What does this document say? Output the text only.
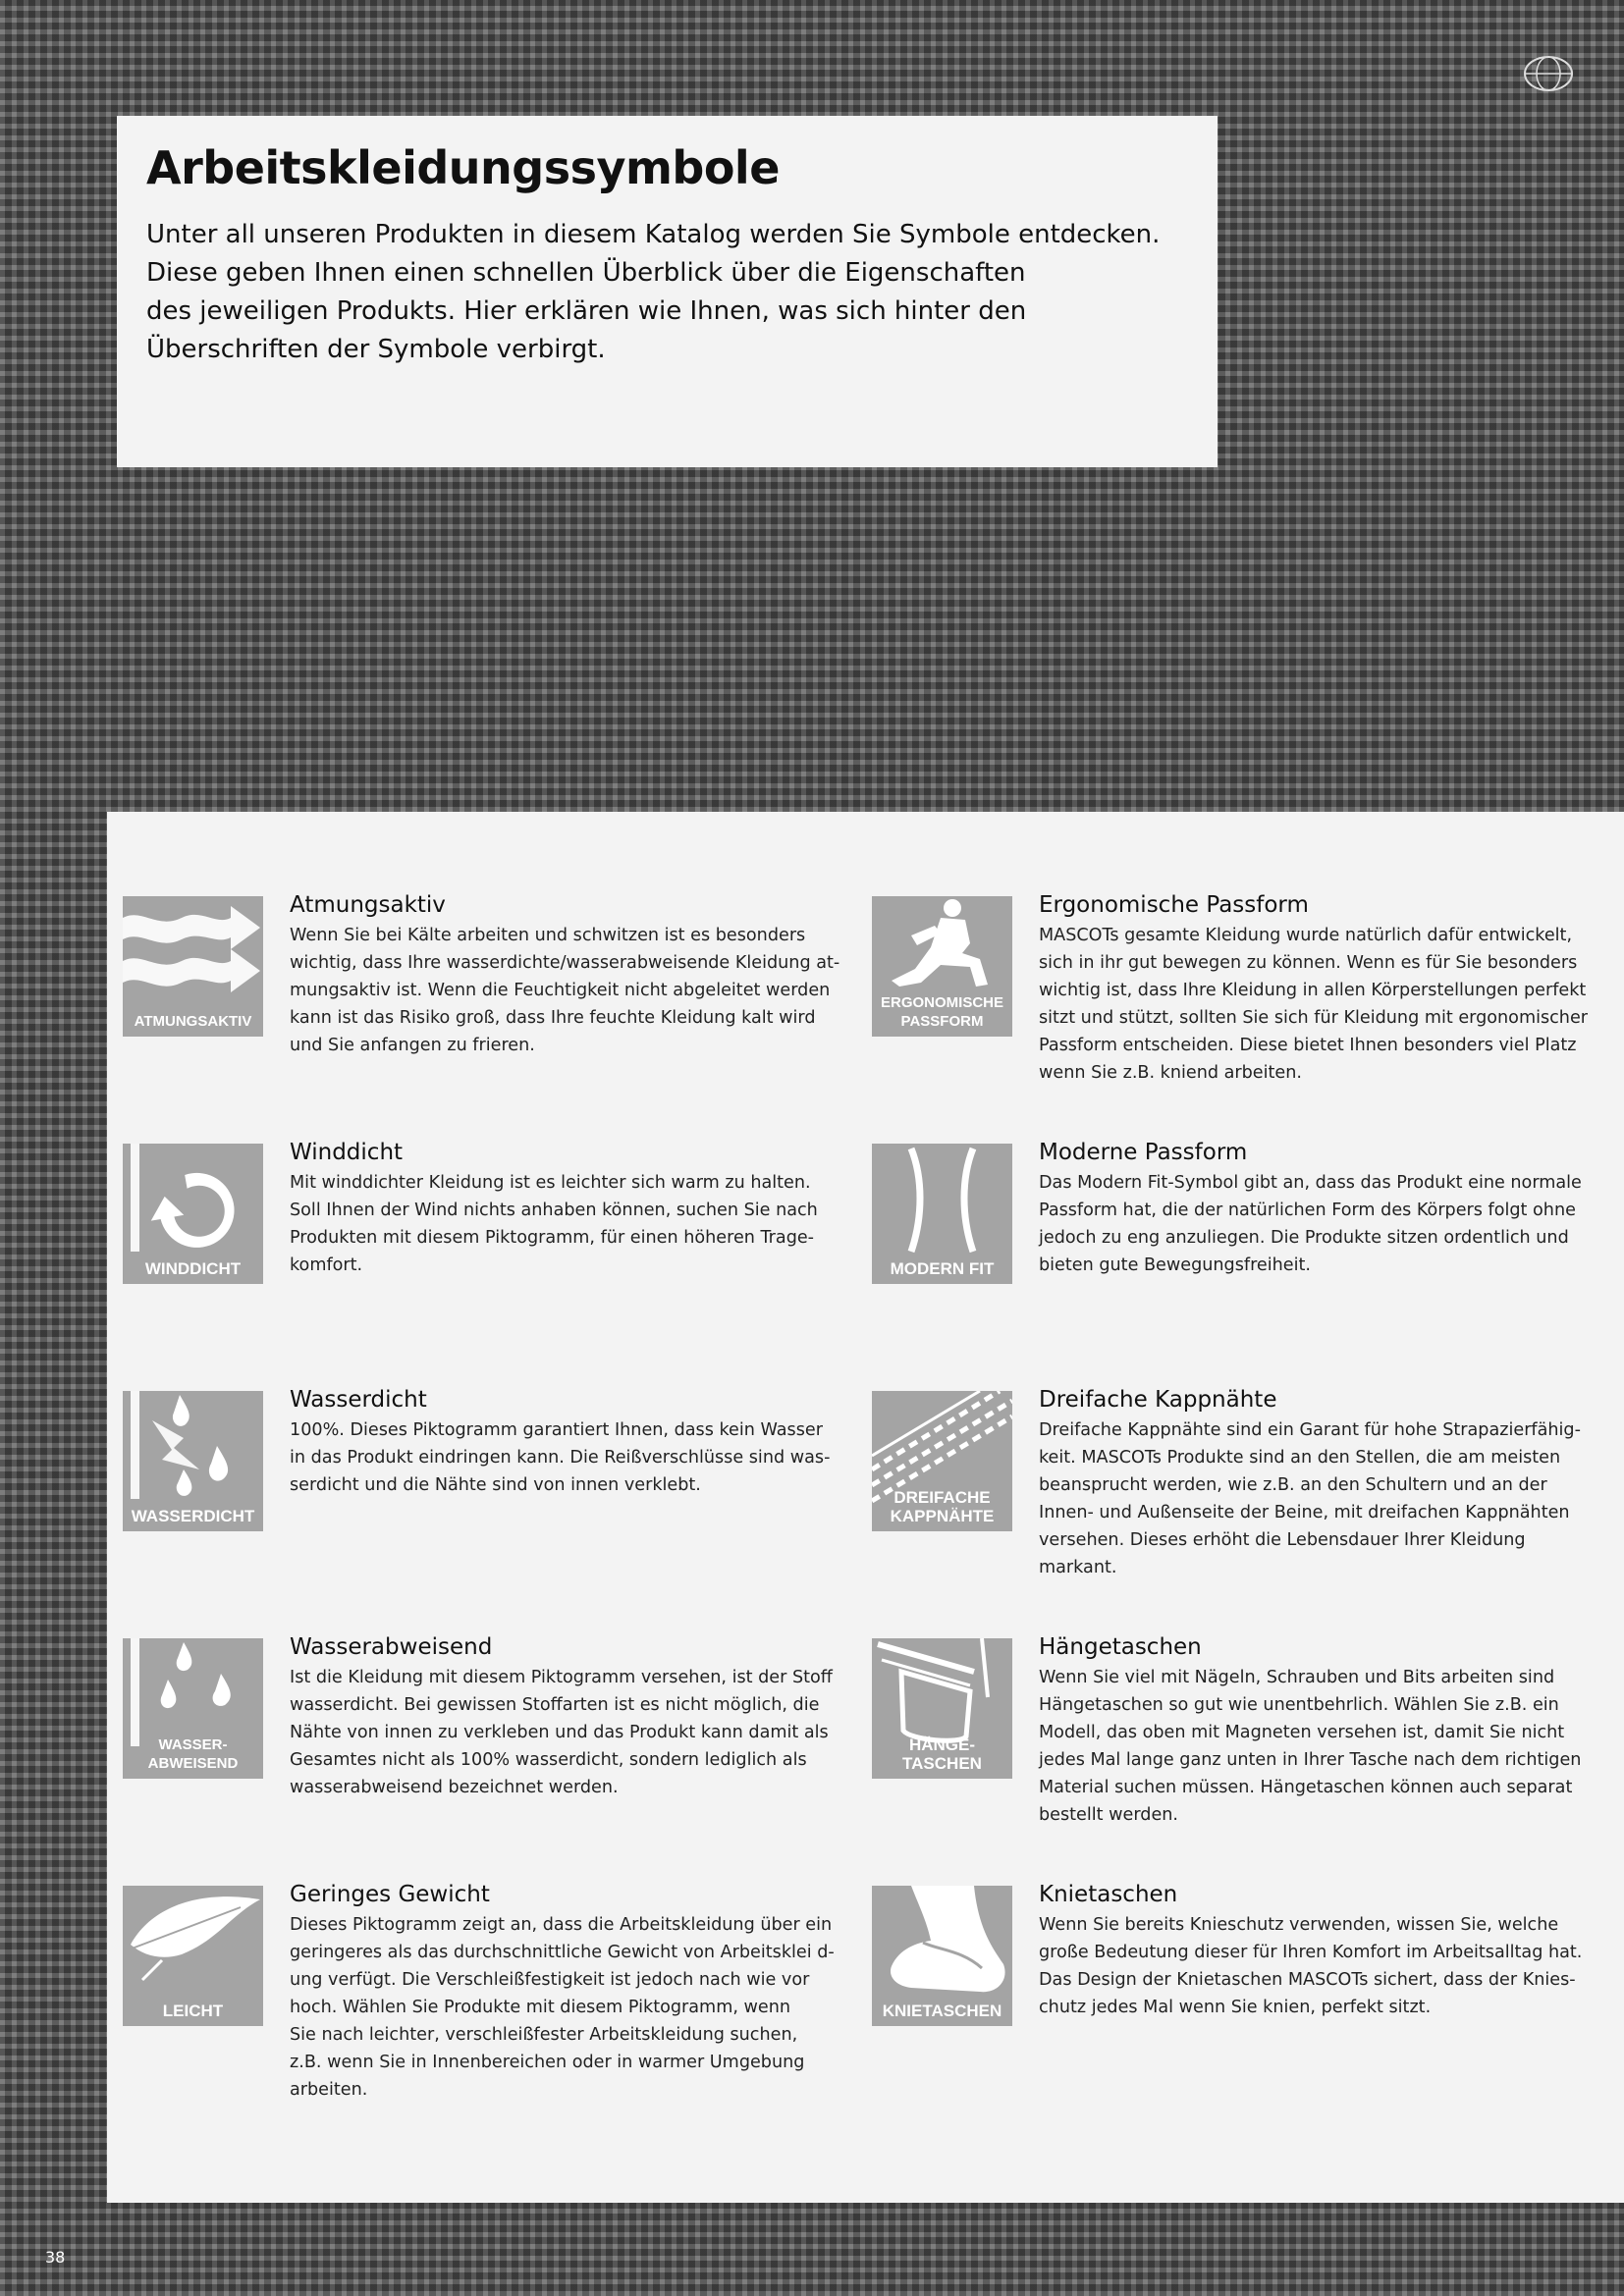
Arbeitskleidungssymbole
Unter all unseren Produkten in diesem Katalog werden Sie Symbole entdecken.
Diese geben Ihnen einen schnellen Überblick über die Eigenschaften
des jeweiligen Produkts. Hier erklären wie Ihnen, was sich hinter den
Überschriften der Symbole verbirgt.
ATMUNGSAKTIV
Atmungsaktiv
Wenn Sie bei Kälte arbeiten und schwitzen ist es besonders
wichtig, dass Ihre wasserdichte/wasserabweisende Kleidung at-
mungsaktiv ist. Wenn die Feuchtigkeit nicht abgeleitet werden
kann ist das Risiko groß, dass Ihre feuchte Kleidung kalt wird
und Sie anfangen zu frieren.
ERGONOMISCHE
PASSFORM
Ergonomische Passform
MASCOTs gesamte Kleidung wurde natürlich dafür entwickelt,
sich in ihr gut bewegen zu können. Wenn es für Sie besonders
wichtig ist, dass Ihre Kleidung in allen Körperstellungen perfekt
sitzt und stützt, sollten Sie sich für Kleidung mit ergonomischer
Passform entscheiden. Diese bietet Ihnen besonders viel Platz
wenn Sie z.B. kniend arbeiten.
WINDDICHT
Winddicht
Mit winddichter Kleidung ist es leichter sich warm zu halten.
Soll Ihnen der Wind nichts anhaben können, suchen Sie nach
Produkten mit diesem Piktogramm, für einen höheren Trage-
komfort.	MODERN FIT
Moderne Passform
Das Modern Fit-Symbol gibt an, dass das Produkt eine normale
Passform hat, die der natürlichen Form des Körpers folgt ohne
jedoch zu eng anzuliegen. Die Produkte sitzen ordentlich und
bieten gute Bewegungsfreiheit.
WASSERDICHT
Wasserdicht
100%. Dieses Piktogramm garantiert Ihnen, dass kein Wasser
in das Produkt eindringen kann. Die Reißverschlüsse sind was-
serdicht und die Nähte sind von innen verklebt.
DREIFACHE
KAPPNÄHTE
Dreifache Kappnähte
Dreifache Kappnähte sind ein Garant für hohe Strapazierfähig-
keit. MASCOTs Produkte sind an den Stellen, die am meisten
beansprucht werden, wie z.B. an den Schultern und an der
Innen- und Außenseite der Beine, mit dreifachen Kappnähten
versehen. Dieses erhöht die Lebensdauer Ihrer Kleidung
markant.
WASSER-
ABWEISEND
Wasserabweisend
Ist die Kleidung mit diesem Piktogramm versehen, ist der Stoff
wasserdicht. Bei gewissen Stoffarten ist es nicht möglich, die
Nähte von innen zu verkleben und das Produkt kann damit als
Gesamtes nicht als 100% wasserdicht, sondern lediglich als
wasserabweisend bezeichnet werden.
HÄNGE-
TASCHEN
Hängetaschen
Wenn Sie viel mit Nägeln, Schrauben und Bits arbeiten sind
Hängetaschen so gut wie unentbehrlich. Wählen Sie z.B. ein
Modell, das oben mit Magneten versehen ist, damit Sie nicht
jedes Mal lange ganz unten in Ihrer Tasche nach dem richtigen
Material suchen müssen. Hängetaschen können auch separat
bestellt werden.
LEICHT
Geringes Gewicht
Dieses Piktogramm zeigt an, dass die Arbeitskleidung über ein
geringeres als das durchschnittliche Gewicht von Arbeitsklei d-
ung verfügt. Die Verschleißfestigkeit ist jedoch nach wie vor
hoch. Wählen Sie Produkte mit diesem Piktogramm, wenn
Sie nach leichter, verschleißfester Arbeitskleidung suchen,
z.B. wenn Sie in Innenbereichen oder in warmer Umgebung
arbeiten.
KNIETASCHEN
Knietaschen
Wenn Sie bereits Knieschutz verwenden, wissen Sie, welche
große Bedeutung dieser für Ihren Komfort im Arbeitsalltag hat.
Das Design der Knietaschen MASCOTs sichert, dass der Knies-
chutz jedes Mal wenn Sie knien, perfekt sitzt.
38
